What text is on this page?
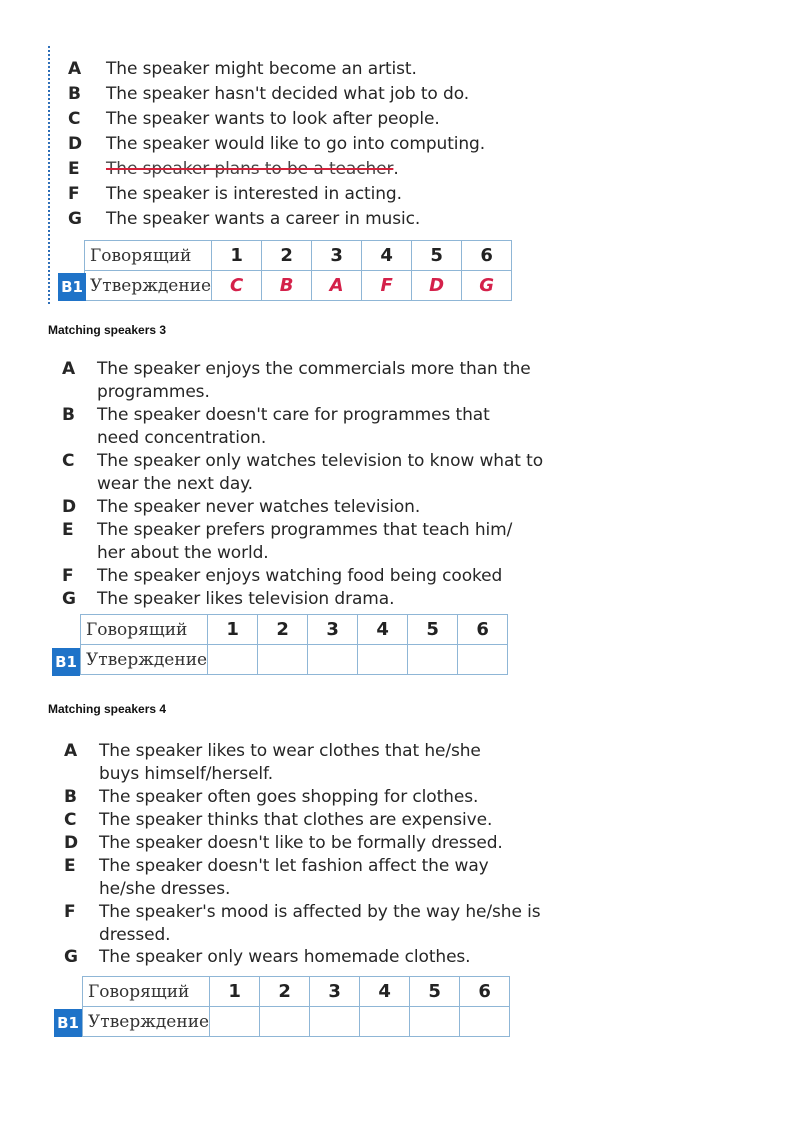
A	The speaker might become an artist.
B	The speaker hasn't decided what job to do.
C	The speaker wants to look after people.
D	The speaker would like to go into computing.
E	The speaker plans to be a teacher .
F	The speaker is interested in acting.
G	The speaker wants a career in music.
Говорящий	1	2	3	4	5	6
Утверждение	C	B	A	F	D	G
B1
Matching speakers 3
A	The speaker enjoys the commercials more than the
programmes.
B	The speaker doesn't care for programmes that
need concentration.
C	The speaker only watches television to know what to
wear the next day.
D	The speaker never watches television.
E	The speaker prefers programmes that teach him/
her about the world.
F	The speaker enjoys watching food being cooked
G	The speaker likes television drama.
Говорящий	1	2	3	4	5	6
Утверждение						
B1
Matching speakers 4
A	The speaker likes to wear clothes that he/she
buys himself/herself.
B	The speaker often goes shopping for clothes.
C	The speaker thinks that clothes are expensive.
D	The speaker doesn't like to be formally dressed.
E	The speaker doesn't let fashion affect the way
he/she dresses.
F	The speaker's mood is affected by the way he/she is
dressed.
G	The speaker only wears homemade clothes.
Говорящий	1	2	3	4	5	6
Утверждение						
B1
